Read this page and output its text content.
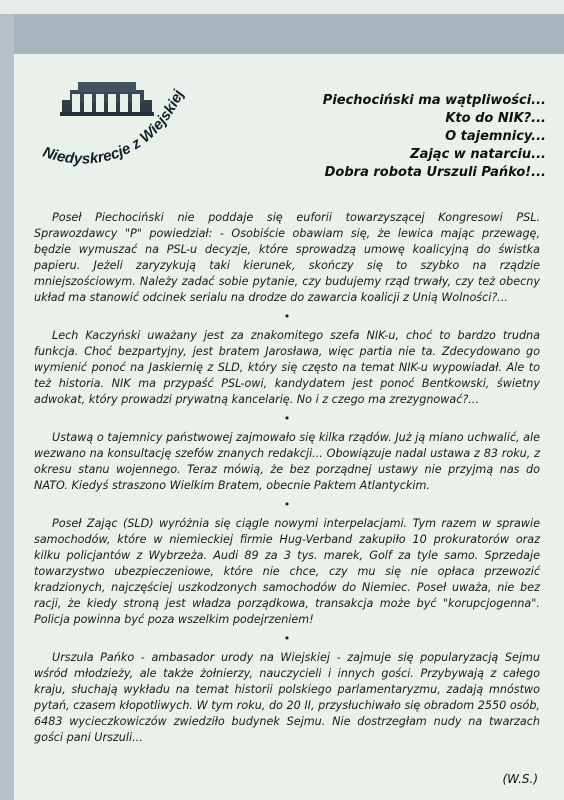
Niedyskrecje z Wiejskiej
Piechociński ma wątpliwości...
Kto do NIK?...
O tajemnicy...
Zając w natarciu...
Dobra robota Urszuli Pańko!...

Poseł Piechociński nie poddaje się euforii towarzyszącej Kongresowi PSL. Sprawozdawcy "P" powiedział: - Osobiście obawiam się, że lewica mając przewagę, będzie wymuszać na PSL-u decyzje, które sprowadzą umowę koalicyjną do świstka papieru. Jeżeli zaryzykują taki kierunek, skończy się to szybko na rządzie mniejszościowym. Należy zadać sobie pytanie, czy budujemy rząd trwały, czy też obecny układ ma stanowić odcinek serialu na drodze do zawarcia koalicji z Unią Wolności?...

•

Lech Kaczyński uważany jest za znakomitego szefa NIK-u, choć to bardzo trudna funkcja. Choć bezpartyjny, jest bratem Jarosława, więc partia nie ta. Zdecydowano go wymienić ponoć na Jaskiernię z SLD, który się często na temat NIK-u wypowiadał. Ale to też historia. NIK ma przypaść PSL-owi, kandydatem jest ponoć Bentkowski, świetny adwokat, który prowadzi prywatną kancelarię. No i z czego ma zrezygnować?...

•

Ustawą o tajemnicy państwowej zajmowało się kilka rządów. Już ją miano uchwalić, ale wezwano na konsultację szefów znanych redakcji... Obowiązuje nadal ustawa z 83 roku, z okresu stanu wojennego. Teraz mówią, że bez porządnej ustawy nie przyjmą nas do NATO. Kiedyś straszono Wielkim Bratem, obecnie Paktem Atlantyckim.

•

Poseł Zając (SLD) wyróżnia się ciągle nowymi interpelacjami. Tym razem w sprawie samochodów, które w niemieckiej firmie Hug-Verband zakupiło 10 prokuratorów oraz kilku policjantów z Wybrzeża. Audi 89 za 3 tys. marek, Golf za tyle samo. Sprzedaje towarzystwo ubezpieczeniowe, które nie chce, czy mu się nie opłaca przewozić kradzionych, najczęściej uszkodzonych samochodów do Niemiec. Poseł uważa, nie bez racji, że kiedy stroną jest władza porządkowa, transakcja może być "korupcjogenna". Policja powinna być poza wszelkim podejrzeniem!

•

Urszula Pańko - ambasador urody na Wiejskiej - zajmuje się popularyzacją Sejmu wśród młodzieży, ale także żołnierzy, nauczycieli i innych gości. Przybywają z całego kraju, słuchają wykładu na temat historii polskiego parlamentaryzmu, zadają mnóstwo pytań, czasem kłopotliwych. W tym roku, do 20 II, przysłuchiwało się obradom 2550 osób, 6483 wycieczkowiczów zwiedziło budynek Sejmu. Nie dostrzegłam nudy na twarzach gości pani Urszuli...

(W.S.)
